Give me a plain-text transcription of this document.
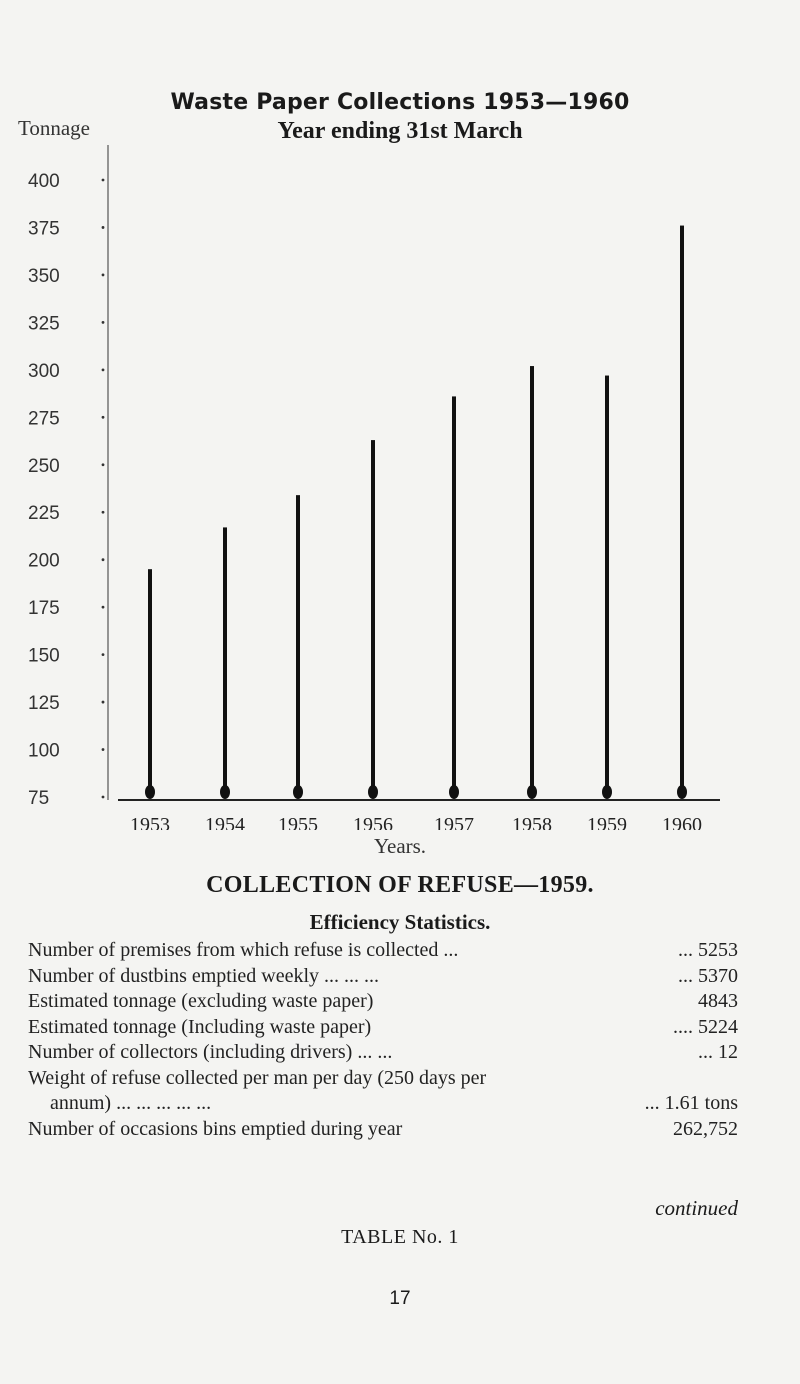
Waste Paper Collections 1953—1960
Tonnage	Year ending 31st March
400
375
350
325
300
275
250
225
200
175
150
125
100
75
1953 1954 1955 1956 1957 1958 1959 1960
Years.
COLLECTION OF REFUSE—1959.
Efficiency Statistics.
Number of premises from which refuse is collected ...	... 5253
Number of dustbins emptied weekly ... ... ...	... 5370
Estimated tonnage (excluding waste paper)	4843
Estimated tonnage (Including waste paper)	.... 5224
Number of collectors (including drivers) ... ...	... 12
Weight of refuse collected per man per day (250 days per
annum) ... ... ... ... ...	... 1.61 tons
Number of occasions bins emptied during year	262,752
continued
TABLE No. 1
17
